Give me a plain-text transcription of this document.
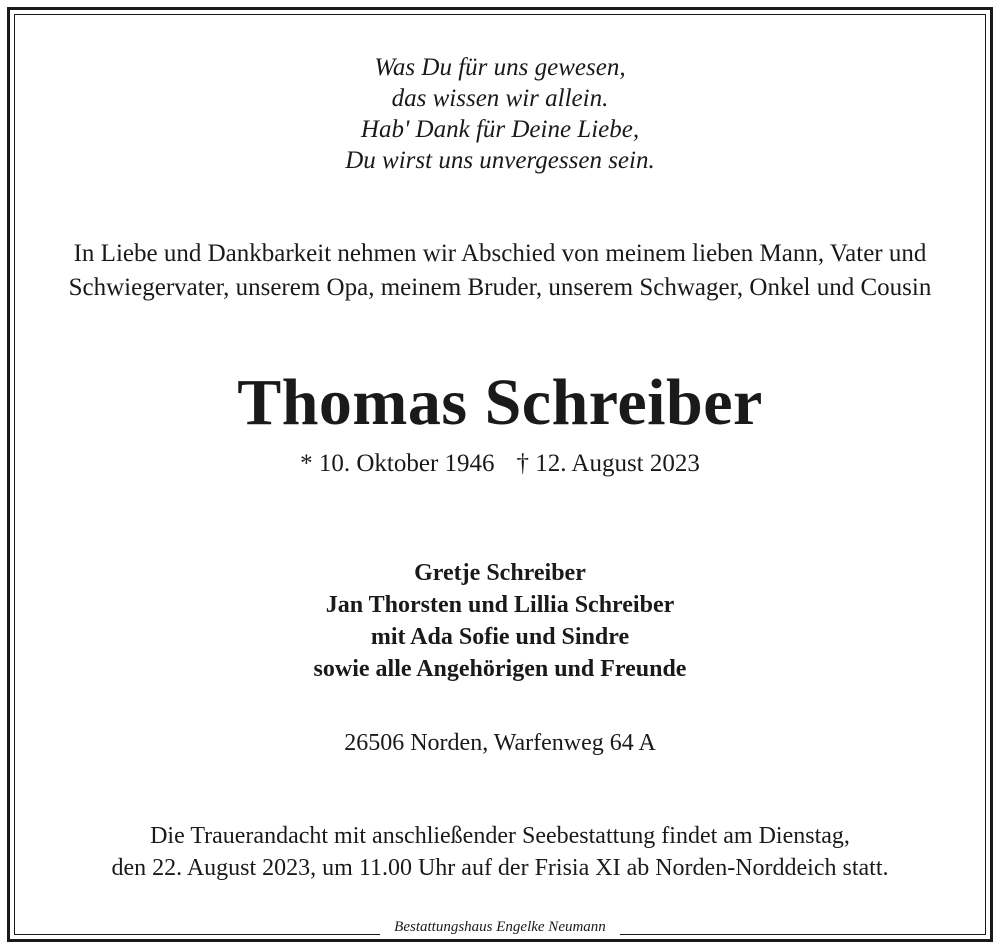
Was Du für uns gewesen,
das wissen wir allein.
Hab' Dank für Deine Liebe,
Du wirst uns unvergessen sein.
In Liebe und Dankbarkeit nehmen wir Abschied von meinem lieben Mann, Vater und
Schwiegervater, unserem Opa, meinem Bruder, unserem Schwager, Onkel und Cousin
Thomas Schreiber
* 10. Oktober 1946 † 12. August 2023
Gretje Schreiber
Jan Thorsten und Lillia Schreiber
mit Ada Sofie und Sindre
sowie alle Angehörigen und Freunde
26506 Norden, Warfenweg 64 A
Die Trauerandacht mit anschließender Seebestattung findet am Dienstag,
den 22. August 2023, um 11.00 Uhr auf der Frisia XI ab Norden-Norddeich statt.
Bestattungshaus Engelke Neumann
